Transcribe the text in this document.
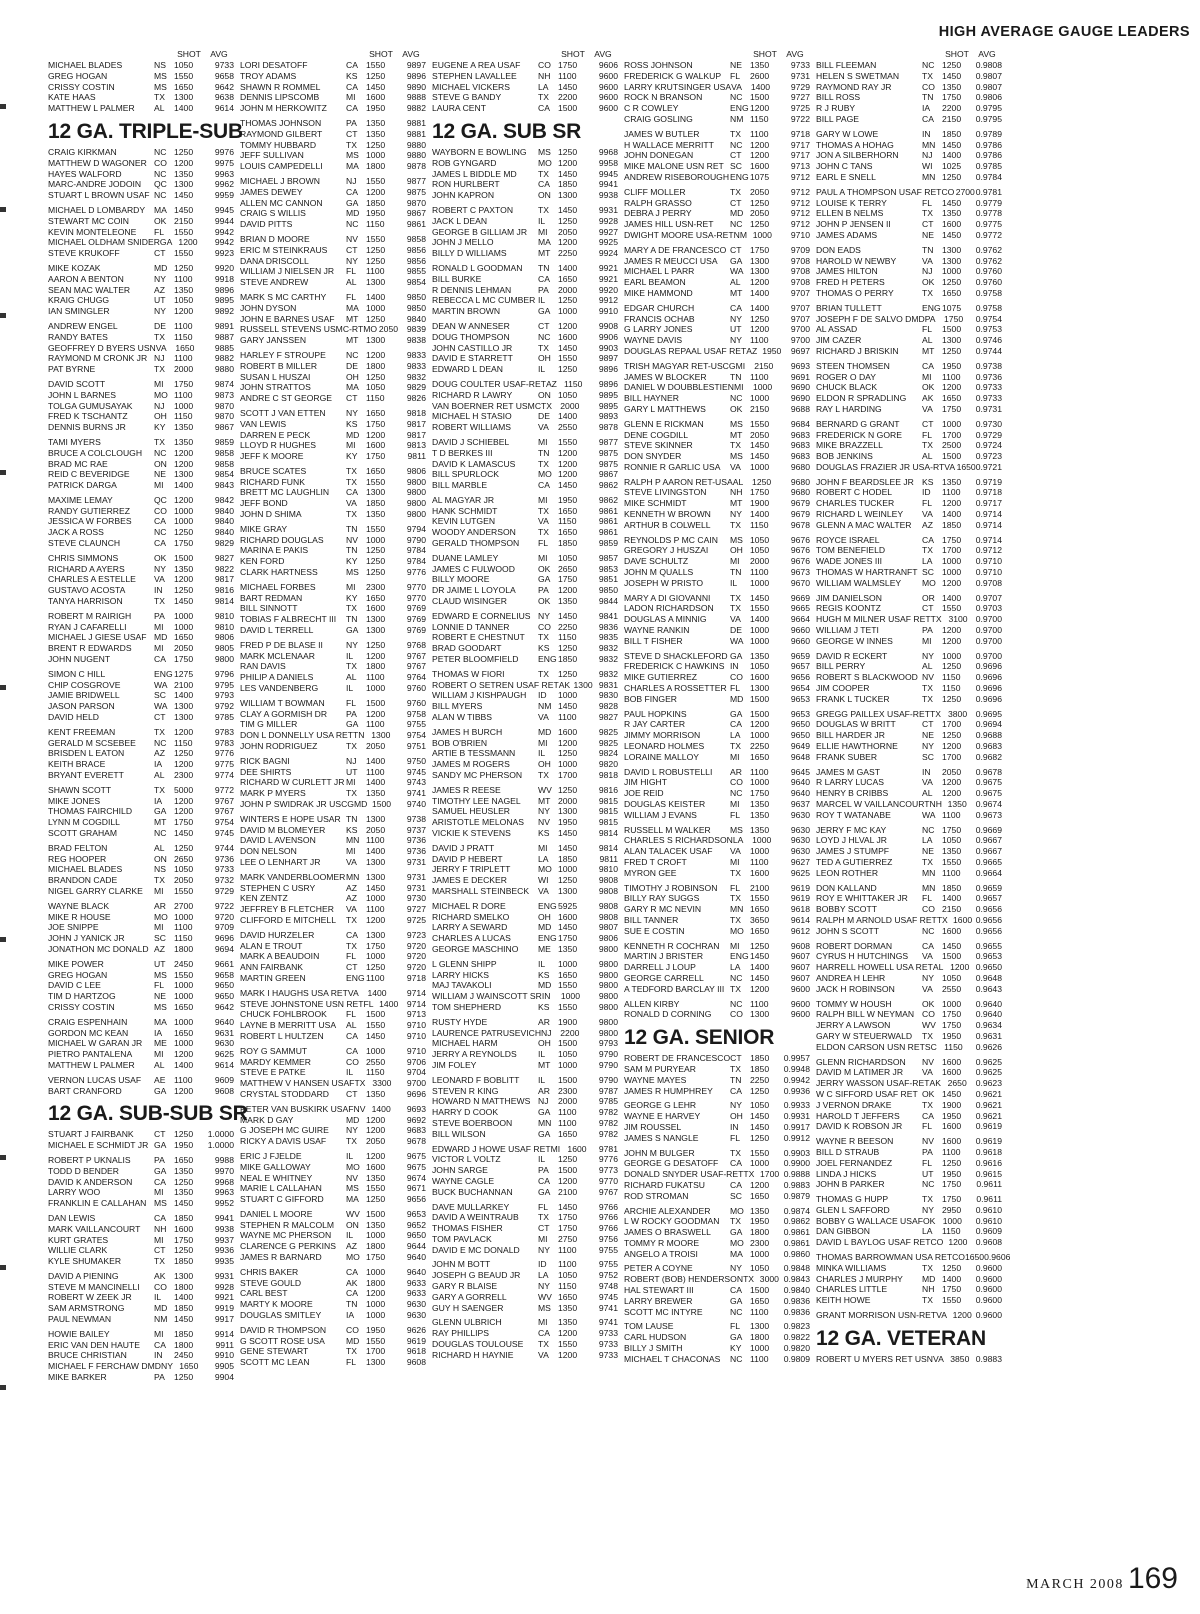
HIGH AVERAGE GAUGE LEADERS
SHOT	AVG
MICHAEL BLADES	NS 1050	9733
GREG HOGAN	MS 1550	9658
CRISSY COSTIN	MS 1650	9642
KATE HAAS	TX	1300	9638
MATTHEW L PALMER	AL	1400	9614
12 GA. TRIPLE-SUB
CRAIG KIRKMAN	NC 1250	9976
MATTHEW D WAGONER CO 1200	9975
HAYES WALFORD	NC 1350	9963
MARC-ANDRE JODOIN	QC 1300	9962
STUART L BROWN USAF NC 1450	9959
MICHAEL D LOMBARDY	MA 1450	9945
STEWART MC COIN	OK 2150	9944
KEVIN MONTELEONE	FL	1550	9942
MICHAEL OLDHAM SNIDER GA 1200	9942
STEVE KRUKOFF	CT 1550	9923
MIKE KOZAK	MD 1250	9920
AARON A BENTON	NY 1100	9918
SEAN MAC WALTER	AZ	1350	9896
KRAIG CHUGG	UT 1050	9895
IAN SMINGLER	NY 1200	9892
ANDREW ENGEL	DE 1100	9891
RANDY BATES	TX	1150	9887
GEOFFREY D BYERS USN VA	1650	9885
RAYMOND M CRONK JR NJ	1100	9882
PAT BYRNE	TX	2000	9880
DAVID SCOTT	MI	1750	9874
JOHN L BARNES	MO 1100	9873
TOLGA GUMUSAYAK	NJ	1000	9870
FRED K TSCHANTZ	OH 1150	9870
DENNIS BURNS JR	KY 1350	9867
TAMI MYERS	TX	1350	9859
BRUCE A COLCLOUGH	NC 1200	9858
BRAD MC RAE	ON 1200	9858
REID C BEVERIDGE	NE 1300	9854
PATRICK DARGA	MI	1400	9843
MAXIME LEMAY	QC 1200	9842
RANDY GUTIERREZ	CO 1000	9840
JESSICA W FORBES	CA 1000	9840
JACK A ROSS	NC 1250	9840
STEVE CLAUNCH	CA 1750	9829
CHRIS SIMMONS	OK 1500	9827
RICHARD A AYERS	NY 1350	9822
CHARLES A ESTELLE	VA	1200	9817
GUSTAVO ACOSTA	IN	1250	9816
TANYA HARRISON	TX	1450	9814
ROBERT M RAIRIGH	PA	1000	9810
RYAN J CAFARELLI	MI	1000	9810
MICHAEL J GIESE USAF MD 1650	9806
BRENT R EDWARDS	MI	2050	9805
JOHN NUGENT	CA 1750	9800
SIMON C HILL	ENG 1275	9796
CHIP COSGROVE	WA 2100	9795
JAMIE BRIDWELL	SC 1400	9793
JASON PARSON	WA 1300	9792
DAVID HELD	CT 1300	9785
KENT FREEMAN	TX	1200	9783
GERALD M SCSEBEE	NC 1150	9783
BRISDEN L EATON	AZ	1250	9776
KEITH BRACE	IA	1200	9775
BRYANT EVERETT	AL	2300	9774
SHAWN SCOTT	TX	5000	9772
MIKE JONES	IA	1200	9767
THOMAS FAIRCHILD	GA 1200	9767
LYNN M COGDILL	MT 1750	9754
SCOTT GRAHAM	NC 1450	9745
BRAD FELTON	AL	1250	9744
REG HOOPER	ON 2650	9736
MICHAEL BLADES	NS 1050	9733
BRANDON CADE	TX	2050	9732
NIGEL GARRY CLARKE	MI	1550	9729
WAYNE BLACK	AR 2700	9722
MIKE R HOUSE	MO 1000	9720
JOE SNIPPE	MI	1100	9709
JOHN J YANICK JR	SC 1150	9696
JONATHON MC DONALD AZ	1800	9694
MIKE POWER	UT 2450	9661
GREG HOGAN	MS 1550	9658
DAVID C LEE	FL	1000	9650
TIM D HARTZOG	NE 1000	9650
CRISSY COSTIN	MS 1650	9642
CRAIG ESPENHAIN	MA 1000	9640
GORDON MC KEAN	IA	1650	9631
MICHAEL W GARAN JR	ME 1000	9630
PIETRO PANTALENA	MI	1200	9625
MATTHEW L PALMER	AL	1400	9614
VERNON LUCAS USAF	AE 1100	9609
BART CRANFORD	GA 1200	9608
12 GA. SUB-SUB SR
STUART J FAIRBANK	CT 1250	1.0000
MICHAEL E SCHMIDT JR GA 1950	1.0000
ROBERT P UKNALIS	PA	1650	9988
TODD D BENDER	GA 1350	9970
DAVID K ANDERSON	CA 1250	9968
LARRY WOO	MI	1350	9963
FRANKLIN E CALLAHAN MS 1450	9952
DAN LEWIS	CA 1850	9941
MARK VAILLANCOURT	NH 1600	9938
KURT GRATES	MI	1750	9937
WILLIE CLARK	CT 1250	9936
KYLE SHUMAKER	TX	1850	9935
DAVID A PIENING	AK 1300	9931
STEVE M MANCINELLI	CO 1800	9928
ROBERT W ZEEK JR	IL	1400	9921
SAM ARMSTRONG	MD 1850	9919
PAUL NEWMAN	NM 1450	9917
HOWIE BAILEY	MI	1850	9914
ERIC VAN DEN HAUTE	CA 1800	9911
BRUCE CHRISTIAN	IN	2450	9910
MICHAEL F FERCHAW DMD NY 1650	9905
MIKE BARKER	PA	1250	9904
SHOT	AVG
LORI DESATOFF	CA 1550	9897
TROY ADAMS	KS 1250	9896
SHAWN R ROMMEL	CA 1450	9890
DENNIS LIPSCOMB	MI	1600	9888
JOHN M HERKOWITZ	CA 1950	9882
THOMAS JOHNSON	PA	1350	9881
RAYMOND GILBERT	CT 1350	9881
TOMMY HUBBARD	TX	1250	9880
JEFF SULLIVAN	MS 1000	9880
LOUIS CAMPEDELLI	MA 1800	9878
MICHAEL J BROWN	NJ	1550	9877
JAMES DEWEY	CA 1200	9875
ALLEN MC CANNON	GA 1850	9870
CRAIG S WILLIS	MD 1950	9867
DAVID PITTS	NC 1150	9861
BRIAN D MOORE	NV 1550	9858
ERIC M STEINKRAUS	CT 1250	9856
DANA DRISCOLL	NY 1250	9856
WILLIAM J NIELSEN JR	FL	1100	9855
STEVE ANDREW	AL	1300	9854
MARK S MC CARTHY	FL	1400	9850
JOHN DYSON	MA 1000	9850
JOHN E BARNES USAF	MT 1250	9840
RUSSELL STEVENS USMC-RT MO 2050	9839
GARY JANSSEN	MT 1300	9838
HARLEY F STROUPE	NC 1200	9833
ROBERT B MILLER	DE 1800	9833
SUSAN L HUSZAI	OH 1250	9832
JOHN STRATTOS	MA 1050	9829
ANDRE C ST GEORGE	CT 1150	9826
SCOTT J VAN ETTEN	NY 1650	9818
VAN LEWIS	KS 1750	9817
DARREN E PECK	MD 1200	9817
LLOYD R HUGHES	MI	1600	9813
JEFF K MOORE	KY 1750	9811
BRUCE SCATES	TX	1650	9806
RICHARD FUNK	TX	1550	9800
BRETT MC LAUGHLIN	CA 1300	9800
JEFF BOND	VA	1850	9800
JOHN D SHIMA	TX	1350	9800
MIKE GRAY	TN 1550	9794
RICHARD DOUGLAS	NV 1000	9790
MARINA E PAKIS	TN 1250	9784
KEN FORD	KY 1250	9784
CLARK HARTNESS	MS 1250	9776
MICHAEL FORBES	MI	2300	9770
BART REDMAN	KY 1650	9770
BILL SINNOTT	TX	1600	9769
TOBIAS F ALBRECHT III	TN 1300	9769
DAVID L TERRELL	GA 1300	9769
FRED P DE BLASE II	NY 1250	9768
MARK MCLENAAR	IL	1200	9767
RAN DAVIS	TX	1800	9767
PHILIP A DANIELS	AL	1100	9764
LES VANDENBERG	IL	1000	9760
WILLIAM T BOWMAN	FL	1500	9760
CLAY A GORMISH DR	PA	1200	9758
TIM G MILLER	GA 1100	9755
DON L DONNELLY USA RET TN 1300	9754
JOHN RODRIGUEZ	TX	2050	9751
RICK BAGNI	NJ	1400	9750
DEE SHIRTS	UT 1100	9745
RICHARD W CURLETT JR MI	1400	9743
MARK P MYERS	TX	1350	9741
JOHN P SWIDRAK JR USCG MD 1500	9740
WINTERS E HOPE USAR TN 1300	9738
DAVID M BLOMEYER	KS 2050	9737
DAVID L AVENSON	MN 1100	9736
DON NELSON	MI	1400	9736
LEE O LENHART JR	VA	1300	9731
MARK VANDERBLOOMER MN 1300	9731
STEPHEN C USRY	AZ	1450	9731
KEN ZENTZ	AZ	1000	9730
JEFFREY B FLETCHER	VA	1100	9727
CLIFFORD E MITCHELL	TX	1200	9725
DAVID HURZELER	CA 1300	9723
ALAN E TROUT	TX	1750	9720
MARK A BEAUDOIN	FL	1000	9720
ANN FAIRBANK	CT 1250	9720
MARTIN GREEN	ENG 1100	9718
MARK I HAUGHS USA RET VA	1400	9714
STEVE JOHNSTONE USN RET FL 1400	9714
CHUCK FOHLBROOK	FL	1500	9713
LAYNE B MERRITT USA	AL	1550	9710
ROBERT L HULTZEN	CA 1450	9710
ROY G SAMMUT	CA 1000	9710
MARDY KEMMER	CO 2550	9706
STEVE E PATKE	IL	1150	9704
MATTHEW V HANSEN USAF TX 3300	9700
CRYSTAL STODDARD	CT 1350	9696
PETER VAN BUSKIRK USAF NV 1400	9693
MARK D GAY	MD 1200	9692
G JOSEPH MC GUIRE	NY 1200	9683
RICKY A DAVIS USAF	TX	2050	9678
ERIC J FJELDE	IL	1200	9675
MIKE GALLOWAY	MO 1600	9675
NEAL E WHITNEY	NV 1350	9674
MARIE L CALLAHAN	MS 1550	9671
STUART C GIFFORD	MA 1250	9656
DANIEL L MOORE	WV 1500	9653
STEPHEN R MALCOLM	ON 1350	9652
WAYNE MC PHERSON	IL	1000	9650
CLARENCE G PERKINS	AZ	1800	9644
JAMES R BARNARD	MO 1750	9640
CHRIS BAKER	CA 1000	9640
STEVE GOULD	AK 1800	9633
CARL BEST	CA 1200	9633
MARTY K MOORE	TN 1000	9630
DOUGLAS SMITLEY	IA	1000	9630
DAVID R THOMPSON	CO 1950	9626
G SCOTT ROSE USA	MD 1550	9619
GENE STEWART	TX	1700	9618
SCOTT MC LEAN	FL	1300	9608
SHOT	AVG
EUGENE A REA USAF	CO 1750	9606
STEPHEN LAVALLEE	NH 1100	9600
MICHAEL VICKERS	LA	1450	9600
STEVE G BANDY	TX	2200	9600
LAURA CENT	CA 1500	9600
12 GA. SUB SR
WAYBORN E BOWLING	MS 1250	9968
ROB GYNGARD	MO 1200	9958
JAMES L BIDDLE MD	TX	1450	9945
RON HURLBERT	CA 1850	9941
JOHN KAPRON	ON 1300	9938
ROBERT C PAXTON	TX	1450	9931
JACK L DEAN	IL	1250	9928
GEORGE B GILLIAM JR	MI	2050	9927
JOHN J MELLO	MA 1200	9925
BILLY D WILLIAMS	MT 2250	9924
RONALD L GOODMAN	TN 1400	9921
BILL BURKE	CA 1650	9921
R DENNIS LEHMAN	PA	2000	9920
REBECCA L MC CUMBER IL	1250	9912
MARTIN BROWN	GA 1000	9910
DEAN W ANNESER	CT 1200	9908
DOUG THOMPSON	NC 1600	9906
JOHN CASTILLO JR	TX	1450	9903
DAVID E STARRETT	OH 1550	9897
EDWARD L DEAN	IL	1250	9896
DOUG COULTER USAF-RET AZ 1150	9896
RICHARD R LAWRY	ON 1050	9895
VAN BOERNER RET USMC TX 2000	9895
MICHAEL H STASIO	DE 1400	9893
ROBERT WILLIAMS	VA	2550	9878
DAVID J SCHIEBEL	MI	1550	9877
T D BERKES III	TN 1200	9875
DAVID K LAMASCUS	TX	1200	9875
BILL SPURLOCK	MO 1200	9867
BILL MARBLE	CA 1450	9862
AL MAGYAR JR	MI	1950	9862
HANK SCHMIDT	TX	1650	9861
KEVIN LUTGEN	VA	1150	9861
WOODY ANDERSON	TX	1650	9861
GERALD THOMPSON	FL	1850	9859
DUANE LAMLEY	MI	1050	9857
JAMES C FULWOOD	OK 2650	9853
BILLY MOORE	GA 1750	9851
DR JAIME L LOYOLA	PA	1200	9850
CLAUD WISINGER	OK 1350	9844
EDWARD E CORNELIUS NY 1450	9841
LONNIE D TANNER	CO 2250	9836
ROBERT E CHESTNUT	TX	1150	9835
BRAD GOODART	KS 1250	9832
PETER BLOOMFIELD	ENG 1850	9832
THOMAS W FIORI	TX	1250	9832
ROBERT O SETREN USAF RET AK 1300 9831
WILLIAM J KISHPAUGH	ID	1000	9830
BILL MYERS	NM 1450	9828
ALAN W TIBBS	VA	1100	9827
JAMES H BURCH	MD 1600	9825
BOB O'BRIEN	MI	1200	9825
ARTIE B TESSMANN	IL	1250	9824
JAMES M ROGERS	OH 1000	9820
SANDY MC PHERSON	TX	1700	9818
JAMES R REESE	WV 1250	9816
TIMOTHY LEE NAGEL	MT 2000	9815
SAMUEL HEUSLER	NY 1300	9815
ARISTOTLE MELONAS	NV 1950	9815
VICKIE K STEVENS	KS 1450	9814
DAVID J PRATT	MI	1450	9814
DAVID P HEBERT	LA	1850	9811
JERRY F TRIPLETT	MO 1000	9810
JAMES E DECKER	WI	1250	9808
MARSHALL STEINBECK	VA	1300	9808
MICHAEL R DORE	ENG 5925	9808
RICHARD SMELKO	OH 1600	9808
LARRY A SEWARD	MD 1450	9807
CHARLES A LUCAS	ENG 1750	9806
GEORGE MASCHINO	ME 1350	9800
L GLENN SHIPP	IL	1000	9800
LARRY HICKS	KS 1650	9800
MAJ TAVAKOLI	MD 1550	9800
WILLIAM J WAINSCOTT SR IN	1000	9800
TOM SHEPHERD	KS 1550	9800
RUSTY HYDE	AR 1900	9800
LAURENCE PATRUSEVICH NJ	2200	9800
MICHAEL HARM	OH 1500	9793
JERRY A REYNOLDS	IL	1050	9790
JIM FOLEY	MT 1000	9790
LEONARD F BOBLITT	IL	1500	9790
STEVEN R KING	AR 2300	9787
HOWARD N MATTHEWS NJ	2000	9785
HARRY D COOK	GA 1100	9782
STEVE BOERBOON	MN 1100	9782
BILL WILSON	GA 1650	9782
EDWARD J HOWE USAF RET MI 1600	9781
VICTOR L VOLTZ	IL	1250	9776
JOHN SARGE	PA	1500	9773
WAYNE CAGLE	CA 1200	9770
BUCK BUCHANNAN	GA 2100	9767
DAVE MULLARKEY	FL	1450	9766
DAVID A WEINTRAUB	TX	1750	9766
THOMAS FISHER	CT 1750	9766
TOM PAVLACK	MI	2750	9756
DAVID E MC DONALD	NY 1100	9755
JOHN M BOTT	ID	1100	9755
JOSEPH G BEAUD JR	LA	1050	9752
GARY R BLAISE	NY 1150	9748
GARY A GORRELL	WV 1650	9745
GUY H SAENGER	MS 1350	9741
GLENN ULBRICH	MI	1350	9741
RAY PHILLIPS	CA 1200	9733
DOUGLAS TOULOUSE	TX	1550	9733
RICHARD H HAYNIE	VA	1200	9733
SHOT	AVG
ROSS JOHNSON	NE 1350	9733
FREDERICK G WALKUP	FL	2600	9731
LARRY KRUTSINGER USA VA	1400	9729
ROCK N BRANSON	NC 1500	9727
C R COWLEY	ENG 1200	9725
CRAIG GOSLING	NM 1150	9722
JAMES W BUTLER	TX	1100	9718
H WALLACE MERRITT	NC 1200	9717
JOHN DONEGAN	CT 1200	9717
MIKE MALONE USN RET SC 1600	9713
ANDREW RISEBOROUGH ENG 1075	9712
CLIFF MOLLER	TX	2050	9712
RALPH GRASSO	CT 1250	9712
DEBRA J PERRY	MD 2050	9712
JAMES HILL USN-RET	NC 1250	9712
DWIGHT MOORE USA-RET NM 1000	9710
MARY A DE FRANCESCO CT 1750	9709
JAMES R MEUCCI USA	GA 1300	9708
MICHAEL L PARR	WA 1300	9708
EARL BEAMON	AL	1200	9708
MIKE HAMMOND	MT 1400	9707
EDGAR CHURCH	CA 1400	9707
FRANCIS OCHAB	NY 1250	9707
G LARRY JONES	UT 1200	9700
WAYNE DAVIS	NY 1100	9700
DOUGLAS REPAAL USAF RET AZ 1950	9697
TRISH MAGYAR RET-USCG MI	2150	9693
JAMES W BLOCKER	TN 1100	9691
DANIEL W DOUBBLESTIEN MI	1000	9690
BILL HAYNER	NC 1000	9690
GARY L MATTHEWS	OK 2150	9688
GLENN E RICKMAN	MS 1550	9684
DENE COGDILL	MT 2050	9683
STEVE SKINNER	TX	1450	9683
DON SNYDER	MS 1450	9683
RONNIE R GARLIC USA	VA	1000	9680
RALPH P AARON RET-USA AL	1250	9680
STEVE LIVINGSTON	NH 1750	9680
MIKE SCHMIDT	MT 1900	9679
KENNETH W BROWN	NY 1400	9679
ARTHUR B COLWELL	TX	1150	9678
REYNOLDS P MC CAIN	MS 1050	9676
GREGORY J HUSZAI	OH 1050	9676
DAVE SCHULTZ	MI	2000	9676
JOHN M QUALLS	TN 1100	9673
JOSEPH W PRISTO	IL	1000	9670
MARY A DI GIOVANNI	TX	1450	9669
LADON RICHARDSON	TX	1550	9665
DOUGLAS A MINNIG	VA	1400	9664
WAYNE RANKIN	DE 1000	9660
BILL T FISHER	WA 1000	9660
STEVE D SHACKLEFORD GA 1350	9659
FREDERICK C HAWKINS IN	1050	9657
MIKE GUTIERREZ	CO 1600	9656
CHARLES A ROSSETTER FL	1300	9654
BOB FINGER	MD 1500	9653
PAUL HOPKINS	GA 1500	9653
R JAY CARTER	CA 1200	9650
JIMMY MORRISON	LA	1000	9650
LEONARD HOLMES	TX	2250	9649
LORAINE MALLOY	MI	1650	9648
DAVID L ROBUSTELLI	AR 1100	9645
JIM HIGHT	CO 1000	9640
JOE REID	NC 1750	9640
DOUGLAS KEISTER	MI	1350	9637
WILLIAM J EVANS	FL	1350	9630
RUSSELL M WALKER	MS 1350	9630
CHARLES S RICHARDSON LA	1000	9630
ALAN TALACEK USAF	VA	1000	9630
FRED T CROFT	MI	1100	9627
MYRON GEE	TX	1600	9625
TIMOTHY J ROBINSON	FL	2100	9619
BILLY RAY SUGGS	TX	1550	9619
GARY R MC NEVIN	MN 1650	9618
BILL TANNER	TX	3650	9614
SUE E COSTIN	MO 1650	9612
KENNETH R COCHRAN	MI	1250	9608
MARTIN J BRISTER	ENG 1450	9607
DARRELL J LOUP	LA	1400	9607
GEORGE CARRELL	NC 1450	9607
A TEDFORD BARCLAY III TX	1200	9600
ALLEN KIRBY	NC 1100	9600
RONALD D CORNING	CO 1300	9600
12 GA. SENIOR
ROBERT DE FRANCESCO CT 1850	0.9957
SAM M PURYEAR	TX	1850	0.9948
WAYNE MAYES	TN 2250	0.9942
JAMES R HUMPHREY	CA 1250	0.9936
GEORGE G LEHR	NY 1050	0.9933
WAYNE E HARVEY	OH 1450	0.9931
JIM ROUSSEL	IN	1450	0.9917
JAMES S NANGLE	FL	1250	0.9912
JOHN M BULGER	TX	1550	0.9903
GEORGE G DESATOFF	CA 1000	0.9900
DONALD SNYDER USAF-RET TX 1700 0.9888
RICHARD FUKATSU	CA 1200	0.9883
ROD STROMAN	SC 1650	0.9879
ARCHIE ALEXANDER	MO 1350	0.9874
L W ROCKY GOODMAN	TX	1950	0.9862
JAMES O BRASWELL	GA 1800	0.9861
TOMMY R MOORE	MO 2300	0.9861
ANGELO A TROISI	MA 1000	0.9860
PETER A COYNE	NY 1050	0.9848
ROBERT (BOB) HENDERSON TX 3000 0.9843
HAL STEWART III	CA 1500	0.9840
LARRY BREWER	GA 1650	0.9836
SCOTT MC INTYRE	NC 1100	0.9836
TOM LAUSE	FL	1300	0.9823
CARL HUDSON	GA 1800	0.9822
BILLY J SMITH	KY 1000	0.9820
MICHAEL T CHACONAS	NC 1100	0.9809
SHOT	AVG
BILL FLEEMAN	NC 1250	0.9808
HELEN S SWETMAN	TX	1450	0.9807
RAYMOND RAY JR	CO 1350	0.9807
BILL ROSS	TN 1750	0.9806
R J RUBY	IA	2200	0.9795
BILL PAGE	CA 2150	0.9795
GARY W LOWE	IN	1850	0.9789
THOMAS A HOHAG	MN 1450	0.9786
JON A SILBERHORN	NJ	1400	0.9786
JOHN C TANS	WI	1025	0.9785
EARL E SNELL	MN 1250	0.9784
PAUL A THOMPSON USAF RET CO 2700 0.9781
LOUISE K TERRY	FL	1450	0.9779
ELLEN B NELMS	TX	1350	0.9778
JOHN P JENSEN II	CT 1600	0.9775
JAMES ADAMS	NE 1450	0.9772
DON EADS	TN 1300	0.9762
HAROLD W NEWBY	VA	1300	0.9762
JAMES HILTON	NJ	1000	0.9760
FRED H PETERS	OK 1250	0.9760
THOMAS O PERRY	TX	1650	0.9758
BRIAN TULLETT	ENG 1075	0.9758
JOSEPH F DE SALVO DMD PA 1750	0.9754
AL ASSAD	FL	1500	0.9753
JIM CAZER	AL	1300	0.9746
RICHARD J BRISKIN	MT 1250	0.9744
STEEN THOMSEN	CA 1950	0.9738
ROGER O DAY	MI	1100	0.9736
CHUCK BLACK	OK 1200	0.9733
ELDON R SPRADLING	AK 1650	0.9733
RAY L HARDING	VA	1750	0.9731
BERNARD G GRANT	CT 1000	0.9730
FREDERICK N GORE	FL	1700	0.9729
MIKE BRAZZELL	TX	2500	0.9724
BOB JENKINS	AL	1500	0.9723
DOUGLAS FRAZIER JR USA-RT VA 1650 0.9721
JOHN F BEARDSLEE JR KS 1350	0.9719
ROBERT C HODEL	ID	1100	0.9718
CHARLES TUCKER	FL	1200	0.9717
RICHARD L WEINLEY	VA	1400	0.9714
GLENN A MAC WALTER	AZ	1850	0.9714
ROYCE ISRAEL	CA 1750	0.9714
TOM BENEFIELD	TX	1700	0.9712
WADE JONES III	LA	1000	0.9710
THOMAS W HARTRANFT SC 1000	0.9710
WILLIAM WALMSLEY	MO 1200	0.9708
JIM DANIELSON	OR 1400	0.9707
REGIS KOONTZ	CT 1550	0.9703
HUGH M MILNER USAF RET TX 3100 0.9700
WILLIAM J TETI	PA	1200	0.9700
GEORGE W INNES	MI	1200	0.9700
DAVID R ECKERT	NY 1000	0.9700
BILL PERRY	AL	1250	0.9696
ROBERT S BLACKWOOD NV 1150	0.9696
JIM COOPER	TX	1150	0.9696
FRANK L TUCKER	TX	1250	0.9696
GREGG PAILLEX USAF-RET TX 3800 0.9695
DOUGLAS W BRITT	CT 1700	0.9694
BILL HARDER JR	NE 1250	0.9688
ELLIE HAWTHORNE	NY 1200	0.9683
FRANK SUBER	SC 1700	0.9682
JAMES M GAST	IN	2050	0.9678
R LARRY LUCAS	VA	1200	0.9675
HENRY B CRIBBS	AL	1200	0.9675
MARCEL W VAILLANCOURT NH 1350	0.9674
ROY T WATANABE	WA 1100	0.9673
JERRY F MC KAY	NC 1750	0.9669
LOYD J HLVAL JR	LA	1050	0.9667
JAMES J STUMPF	NE 1350	0.9667
TED A GUTIERREZ	TX	1550	0.9665
LEON ROTHER	MN 1100	0.9664
DON KALLAND	MN 1850	0.9659
ROY E WHITTAKER JR	FL	1400	0.9657
BOBBY SCOTT	CO 2150	0.9656
RALPH M ARNOLD USAF RET TX 1600 0.9656
JOHN S SCOTT	NC 1600	0.9656
ROBERT DORMAN	CA 1450	0.9655
CYRUS H HUTCHINGS	VA	1500	0.9653
HARRELL HOWELL USA RET AL 1200 0.9650
ANDREA H LEHR	NY 1050	0.9648
JACK H ROBINSON	VA	2550	0.9643
TOMMY W HOUSH	OK 1000	0.9640
RALPH BILL W NEYMAN CO 1750	0.9640
JERRY A LAWSON	WV 1750	0.9634
GARY W STEUERWALD	TX	1950	0.9631
ELDON CARSON USN RET SC 1150	0.9626
GLENN RICHARDSON	NV 1600	0.9625
DAVID M LATIMER JR	VA	1600	0.9625
JERRY WASSON USAF-RET AK 2650	0.9623
W C SIFFORD USAF RET OK 1450	0.9621
J VERNON DRAKE	TX	1900	0.9621
HAROLD T JEFFERS	CA 1950	0.9621
DAVID K ROBSON JR	FL	1600	0.9619
WAYNE R BEESON	NV 1600	0.9619
BILL D STRAUB	PA	1100	0.9618
JOEL FERNANDEZ	FL	1250	0.9616
LINDA J HICKS	UT 1950	0.9615
JOHN B PARKER	NC 1750	0.9611
THOMAS G HUPP	TX	1750	0.9611
GLEN L SAFFORD	NY 2950	0.9610
BOBBY G WALLACE USAF OK 1000	0.9610
DAN GIBBON	LA	1150	0.9609
DAVID L BAYLOG USAF RET CO 1200 0.9608
THOMAS BARROWMAN USA RET CO 1650 0.9606
MINKA WILLIAMS	TX	1250	0.9600
CHARLES J MURPHY	MD 1400	0.9600
CHARLES LITTLE	NH 1750	0.9600
KEITH HOWE	TX	1550	0.9600
GRANT MORRISON USN-RET VA 1200 0.9600
12 GA. VETERAN
ROBERT U MYERS RET USN VA 3850 0.9883
MARCH 2008 169
